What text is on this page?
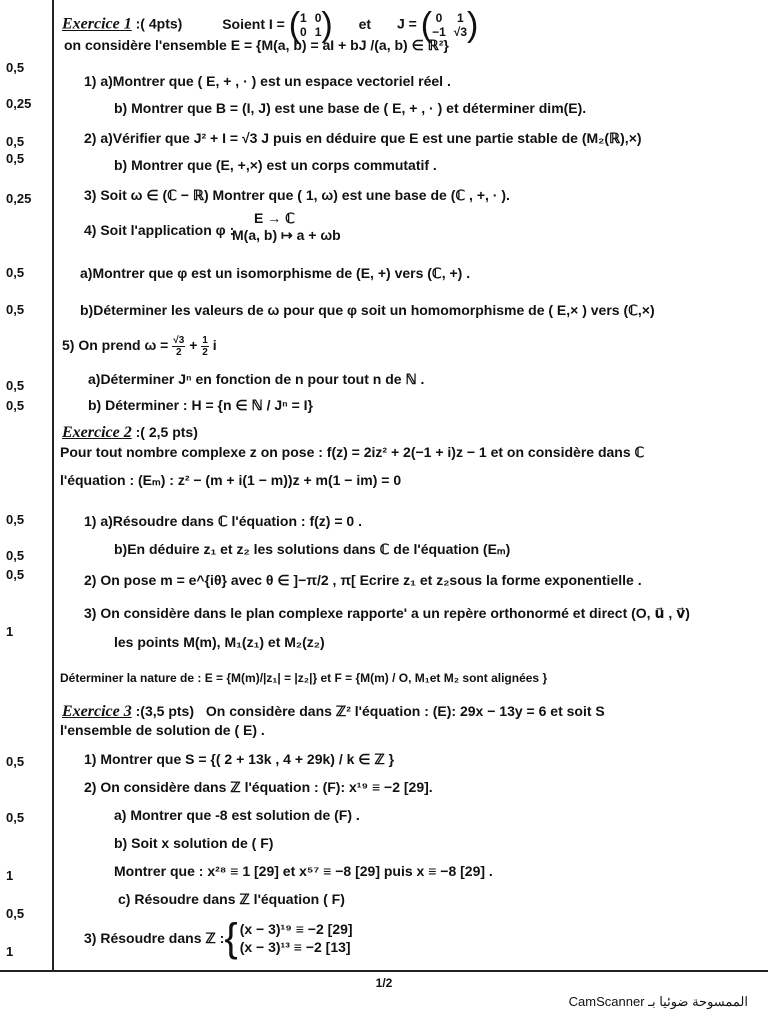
0,5
0,25
0,5
0,5
0,25
0,5
0,5
0,5
0,5
0,5
0,5
0,5
1
0,5
0,5
1
0,5
1
Exercice 1 :( 4pts)	Soient I = ( 1 0
0 1 ) et J = ( 0 1
−1 √3 )
on considère l'ensemble E = {M(a, b) = aI + bJ /(a, b) ∈ ℝ²}
1) a)Montrer que ( E, + , · ) est un espace vectoriel réel .
b) Montrer que B = (I, J) est une base de ( E, + , · ) et déterminer dim(E).
2) a)Vérifier que J² + I = √3 J puis en déduire que E est une partie stable de (M₂(ℝ),×)
b) Montrer que (E, +,×) est un corps commutatif .
3) Soit ω ∈ (ℂ − ℝ) Montrer que ( 1, ω) est une base de (ℂ , +, · ).
4) Soit l'application φ :
E → ℂ
M(a, b) ↦ a + ωb
a)Montrer que φ est un isomorphisme de (E, +) vers (ℂ, +) .
b)Déterminer les valeurs de ω pour que φ soit un homomorphisme de ( E,× ) vers (ℂ,×)
5) On prend $\omega = \frac{√3}{2} + \frac{1}{2}$ i
a)Déterminer Jⁿ en fonction de n pour tout n de ℕ .
b) Déterminer : H = {n ∈ ℕ / Jⁿ = I}
Exercice 2 :( 2,5 pts)
Pour tout nombre complexe z on pose : f(z) = 2iz² + 2(−1 + i)z − 1 et on considère dans ℂ
l'équation : (Eₘ) : z² − (m + i(1 − m))z + m(1 − im) = 0
1) a)Résoudre dans ℂ l'équation : f(z) = 0 .
b)En déduire z₁ et z₂ les solutions dans ℂ de l'équation (Eₘ)
2) On pose m = e^{iθ} avec θ ∈ ]−π/2 , π[ Ecrire z₁ et z₂sous la forme exponentielle .
3) On considère dans le plan complexe rapporte' a un repère orthonormé et direct (O, u⃗ , v⃗)
les points M(m), M₁(z₁) et M₂(z₂)
Déterminer la nature de : E = {M(m)/|z₁| = |z₂|} et F = {M(m) / O, M₁et M₂ sont alignées }
Exercice 3 :(3,5 pts) On considère dans ℤ² l'équation : (E): 29x − 13y = 6 et soit S
l'ensemble de solution de ( E) .
1) Montrer que S = {( 2 + 13k , 4 + 29k) / k ∈ ℤ }
2) On considère dans ℤ l'équation : (F): x¹⁹ ≡ −2 [29].
a) Montrer que -8 est solution de (F) .
b) Soit x solution de ( F)
Montrer que : x²⁸ ≡ 1 [29] et x⁵⁷ ≡ −8 [29] puis x ≡ −8 [29] .
c) Résoudre dans ℤ l'équation ( F)
3) Résoudre dans ℤ : { (x − 3)¹⁹ ≡ −2 [29]
(x − 3)¹³ ≡ −2 [13]
1/2
الممسوحة ضوئيا بـ CamScanner
